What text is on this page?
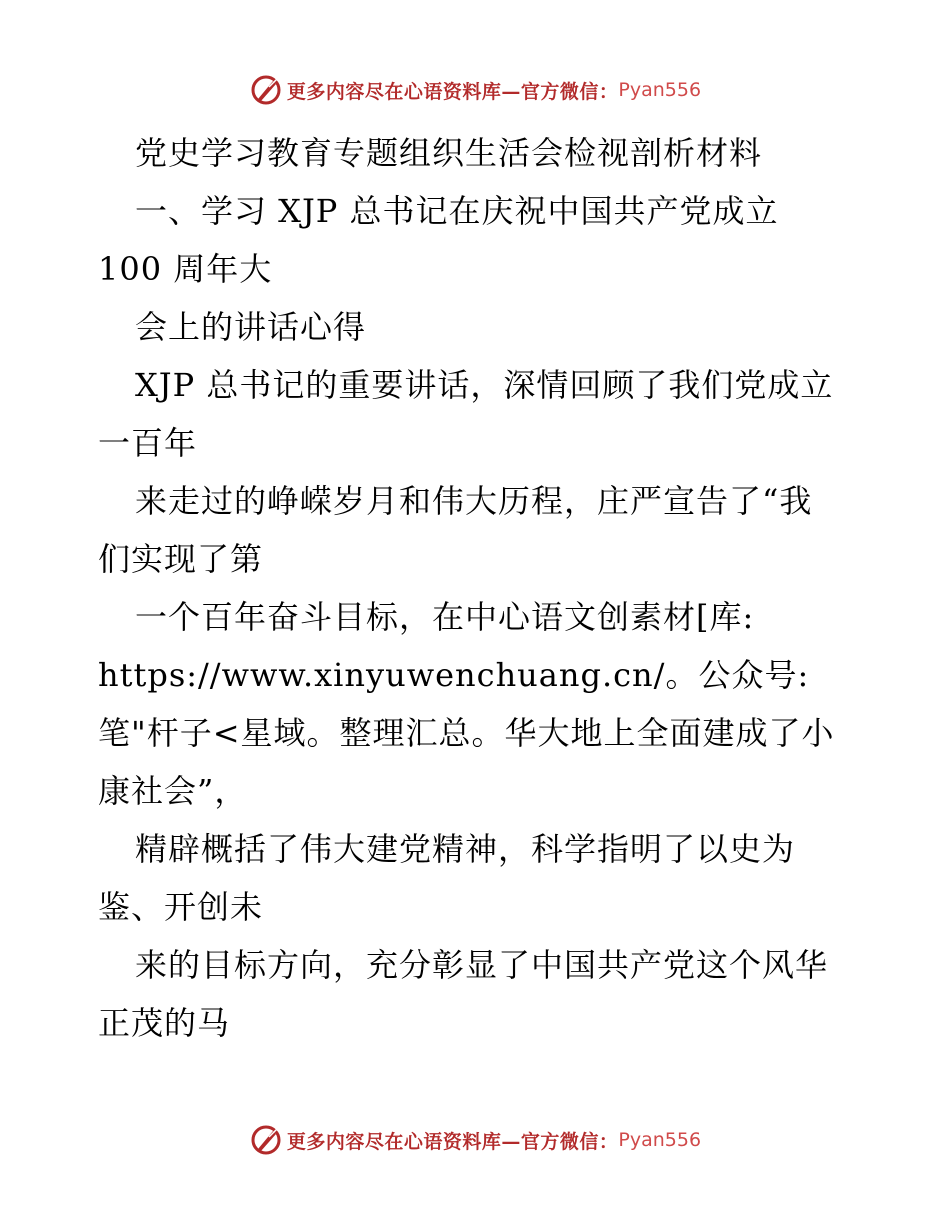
更多内容尽在心语资料库—官方微信： Pyan556
党史学习教育专题组织生活会检视剖析材料
一、学习 XJP 总书记在庆祝中国共产党成立
100 周年大
会上的讲话心得
XJP 总书记的重要讲话，深情回顾了我们党成立
一百年
来走过的峥嵘岁月和伟大历程，庄严宣告了“我
们实现了第
一个百年奋斗目标，在中心语文创素材[库:
https://www.xinyuwenchuang.cn/。公众号:
笔"杆子<星域。整理汇总。华大地上全面建成了小
康社会”，
精辟概括了伟大建党精神，科学指明了以史为
鉴、开创未
来的目标方向，充分彰显了中国共产党这个风华
正茂的马
更多内容尽在心语资料库—官方微信： Pyan556
